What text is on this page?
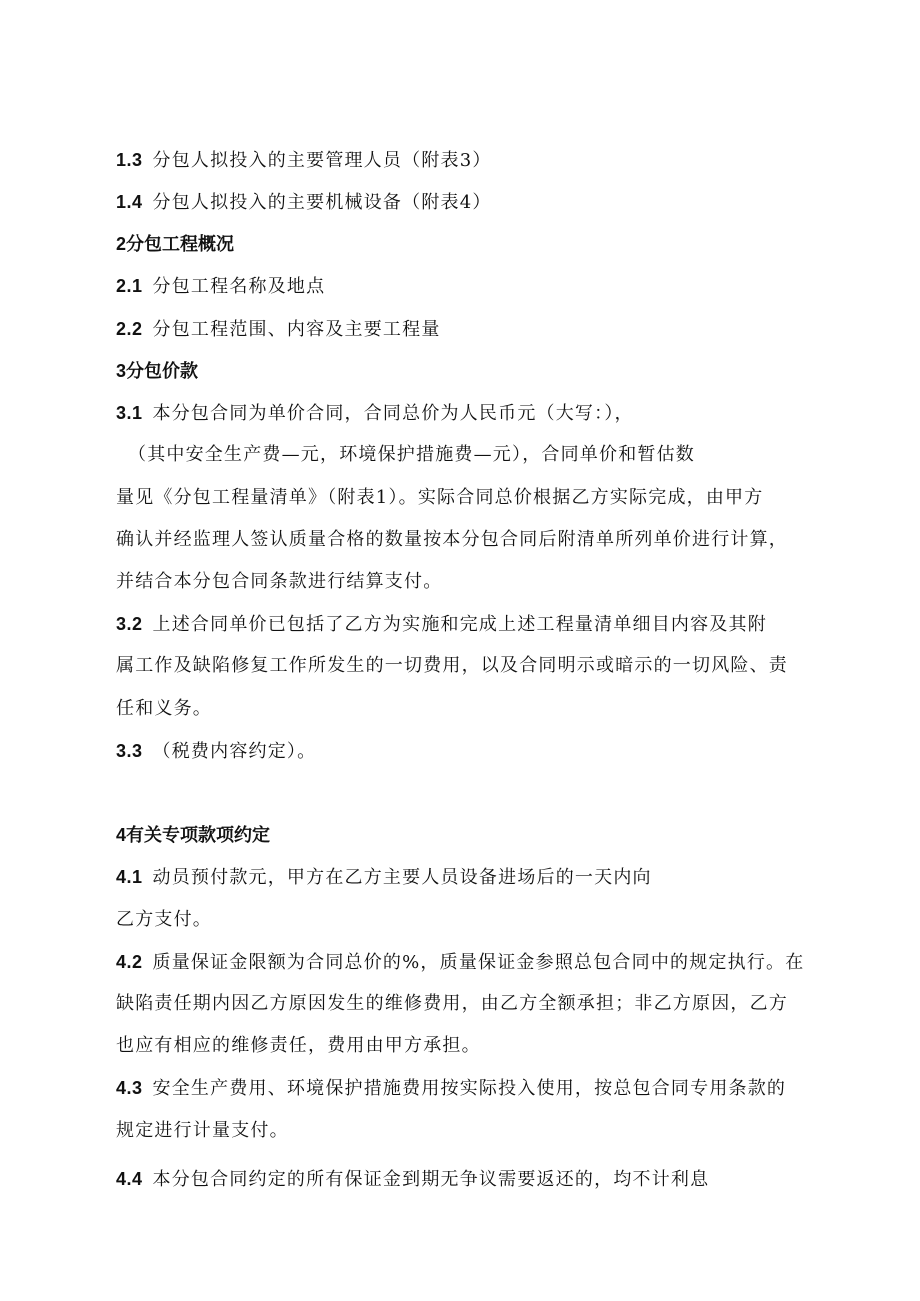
1.3 分包人拟投入的主要管理人员（附表3）
1.4 分包人拟投入的主要机械设备（附表4）
2分包工程概况
2.1 分包工程名称及地点
2.2 分包工程范围、内容及主要工程量
3分包价款
3.1 本分包合同为单价合同，合同总价为人民币元（大写：），
（其中安全生产费—元，环境保护措施费—元），合同单价和暂估数
量见《分包工程量清单》（附表1）。实际合同总价根据乙方实际完成，由甲方
确认并经监理人签认质量合格的数量按本分包合同后附清单所列单价进行计算，
并结合本分包合同条款进行结算支付。
3.2 上述合同单价已包括了乙方为实施和完成上述工程量清单细目内容及其附
属工作及缺陷修复工作所发生的一切费用，以及合同明示或暗示的一切风险、责
任和义务。
3.3 （税费内容约定）。
4有关专项款项约定
4.1 动员预付款元，甲方在乙方主要人员设备进场后的一天内向
乙方支付。
4.2 质量保证金限额为合同总价的%，质量保证金参照总包合同中的规定执行。在
缺陷责任期内因乙方原因发生的维修费用，由乙方全额承担；非乙方原因，乙方
也应有相应的维修责任，费用由甲方承担。
4.3 安全生产费用、环境保护措施费用按实际投入使用，按总包合同专用条款的
规定进行计量支付。
4.4 本分包合同约定的所有保证金到期无争议需要返还的，均不计利息
